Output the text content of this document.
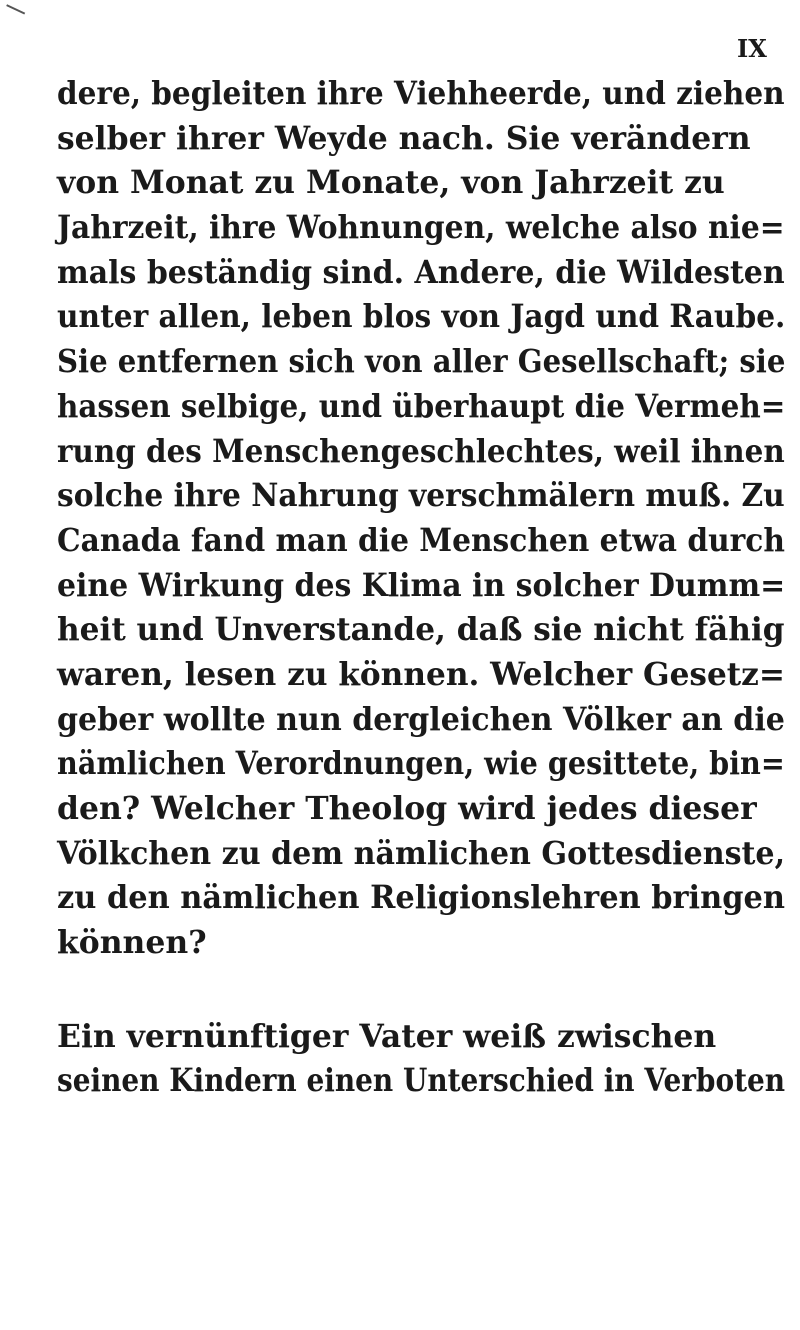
IX
dere, begleiten ihre Viehheerde, und ziehen
selber ihrer Weyde nach. Sie verändern
von Monat zu Monate, von Jahrzeit zu
Jahrzeit, ihre Wohnungen, welche also nie=
mals beständig sind. Andere, die Wildesten
unter allen, leben blos von Jagd und Raube.
Sie entfernen sich von aller Gesellschaft; sie
hassen selbige, und überhaupt die Vermeh=
rung des Menschengeschlechtes, weil ihnen
solche ihre Nahrung verschmälern muß. Zu
Canada fand man die Menschen etwa durch
eine Wirkung des Klima in solcher Dumm=
heit und Unverstande, daß sie nicht fähig
waren, lesen zu können. Welcher Gesetz=
geber wollte nun dergleichen Völker an die
nämlichen Verordnungen, wie gesittete, bin=
den? Welcher Theolog wird jedes dieser
Völkchen zu dem nämlichen Gottesdienste,
zu den nämlichen Religionslehren bringen
können?
Ein vernünftiger Vater weiß zwischen
seinen Kindern einen Unterschied in Verboten
